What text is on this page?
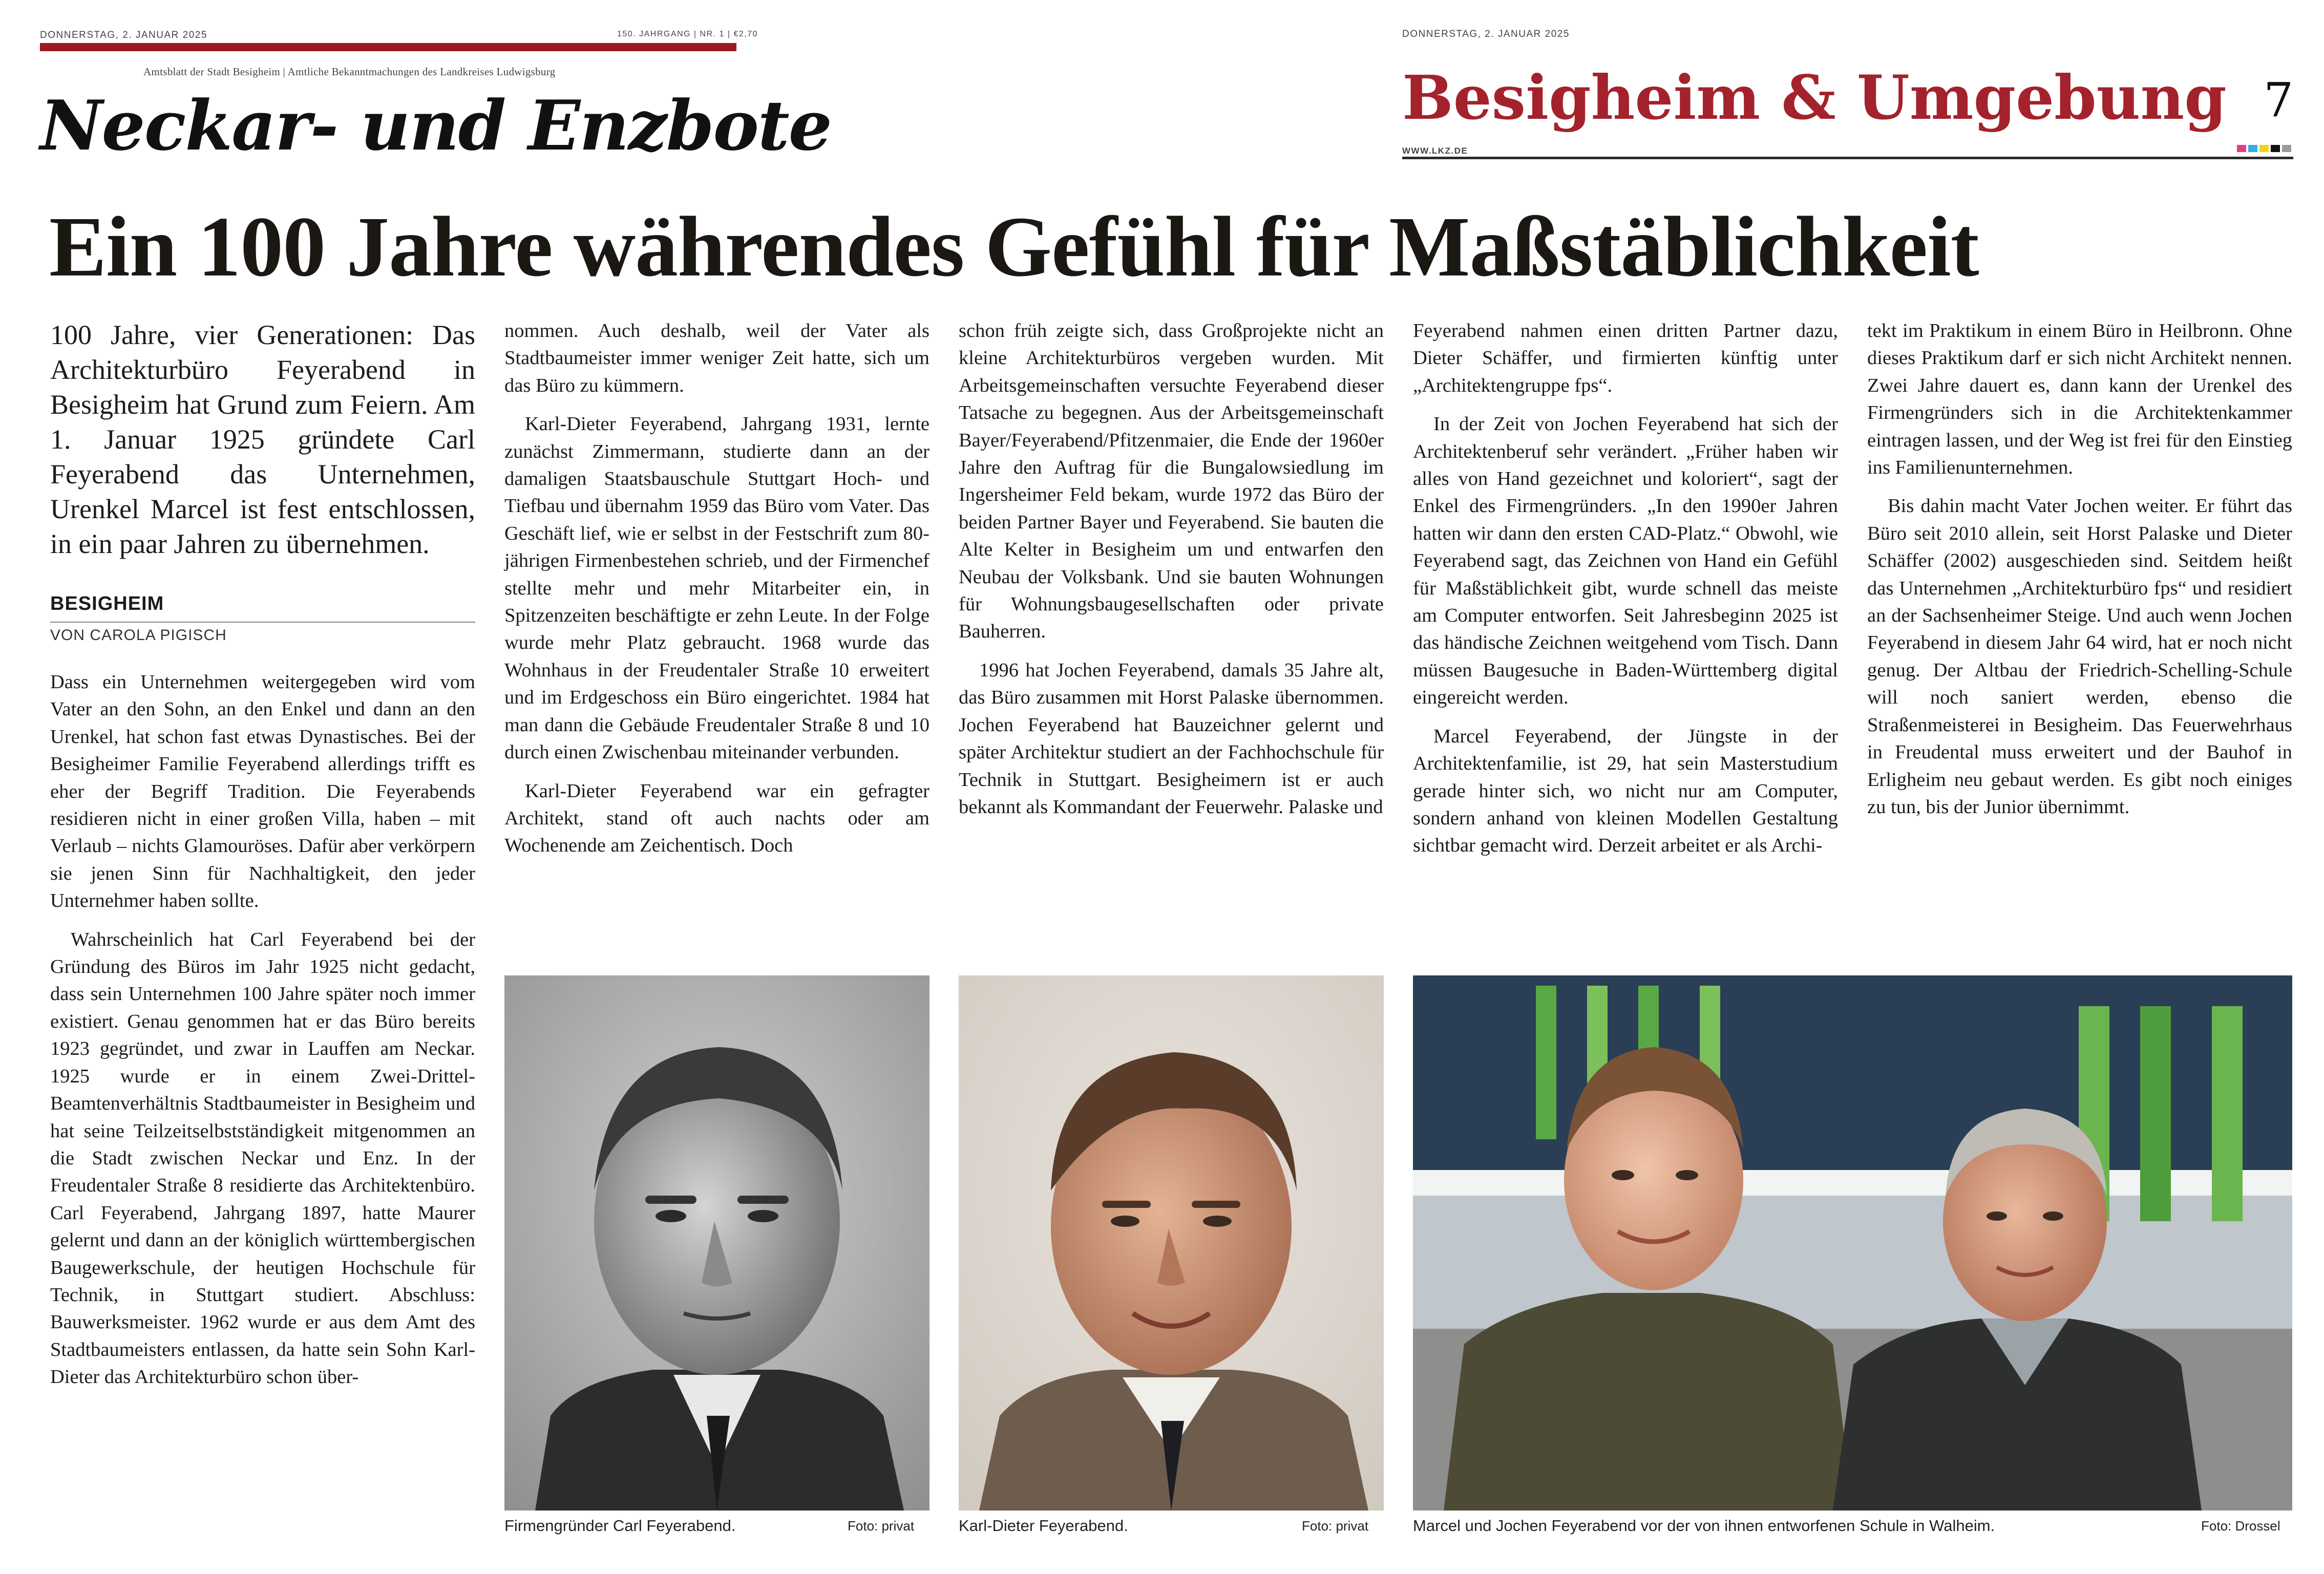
DONNERSTAG, 2. JANUAR 2025	150. JAHRGANG | NR. 1 | €2,70
Amtsblatt der Stadt Besigheim | Amtliche Bekanntmachungen des Landkreises Ludwigsburg
Neckar- und Enzbote
DONNERSTAG, 2. JANUAR 2025
Besigheim & Umgebung 7
WWW.LKZ.DE
Ein 100 Jahre währendes Gefühl für Maßstäblichkeit
100 Jahre, vier Generationen: Das Architekturbüro Feyerabend in Besigheim hat Grund zum Feiern. Am 1. Januar 1925 gründete Carl Feyerabend das Unternehmen, Urenkel Marcel ist fest entschlossen, in ein paar Jahren zu übernehmen.
BESIGHEIM
VON CAROLA PIGISCH

Dass ein Unternehmen weitergegeben wird vom Vater an den Sohn, an den Enkel und dann an den Urenkel, hat schon fast etwas Dynastisches. Bei der Besigheimer Familie Feyerabend allerdings trifft es eher der Begriff Tradition. Die Feyerabends residieren nicht in einer großen Villa, haben – mit Verlaub – nichts Glamouröses. Dafür aber verkörpern sie jenen Sinn für Nachhaltigkeit, den jeder Unternehmer haben sollte.

Wahrscheinlich hat Carl Feyerabend bei der Gründung des Büros im Jahr 1925 nicht gedacht, dass sein Unternehmen 100 Jahre später noch immer existiert. Genau genommen hat er das Büro bereits 1923 gegründet, und zwar in Lauffen am Neckar. 1925 wurde er in einem Zwei-Drittel-Beamtenverhältnis Stadtbaumeister in Besigheim und hat seine Teilzeitselbstständigkeit mitgenommen an die Stadt zwischen Neckar und Enz. In der Freudentaler Straße 8 residierte das Architektenbüro. Carl Feyerabend, Jahrgang 1897, hatte Maurer gelernt und dann an der königlich württembergischen Baugewerkschule, der heutigen Hochschule für Technik, in Stuttgart studiert. Abschluss: Bauwerksmeister. 1962 wurde er aus dem Amt des Stadtbaumeisters entlassen, da hatte sein Sohn Karl-Dieter das Architekturbüro schon über-

nommen. Auch deshalb, weil der Vater als Stadtbaumeister immer weniger Zeit hatte, sich um das Büro zu kümmern.

Karl-Dieter Feyerabend, Jahrgang 1931, lernte zunächst Zimmermann, studierte dann an der damaligen Staatsbauschule Stuttgart Hoch- und Tiefbau und übernahm 1959 das Büro vom Vater. Das Geschäft lief, wie er selbst in der Festschrift zum 80-jährigen Firmenbestehen schrieb, und der Firmenchef stellte mehr und mehr Mitarbeiter ein, in Spitzenzeiten beschäftigte er zehn Leute. In der Folge wurde mehr Platz gebraucht. 1968 wurde das Wohnhaus in der Freudentaler Straße 10 erweitert und im Erdgeschoss ein Büro eingerichtet. 1984 hat man dann die Gebäude Freudentaler Straße 8 und 10 durch einen Zwischenbau miteinander verbunden.

Karl-Dieter Feyerabend war ein gefragter Architekt, stand oft auch nachts oder am Wochenende am Zeichentisch. Doch

schon früh zeigte sich, dass Großprojekte nicht an kleine Architekturbüros vergeben wurden. Mit Arbeitsgemeinschaften versuchte Feyerabend dieser Tatsache zu begegnen. Aus der Arbeitsgemeinschaft Bayer/Feyerabend/Pfitzenmaier, die Ende der 1960er Jahre den Auftrag für die Bungalowsiedlung im Ingersheimer Feld bekam, wurde 1972 das Büro der beiden Partner Bayer und Feyerabend. Sie bauten die Alte Kelter in Besigheim um und entwarfen den Neubau der Volksbank. Und sie bauten Wohnungen für Wohnungsbaugesellschaften oder private Bauherren.

1996 hat Jochen Feyerabend, damals 35 Jahre alt, das Büro zusammen mit Horst Palaske übernommen. Jochen Feyerabend hat Bauzeichner gelernt und später Architektur studiert an der Fachhochschule für Technik in Stuttgart. Besigheimern ist er auch bekannt als Kommandant der Feuerwehr. Palaske und

Feyerabend nahmen einen dritten Partner dazu, Dieter Schäffer, und firmierten künftig unter „Architektengruppe fps“.

In der Zeit von Jochen Feyerabend hat sich der Architektenberuf sehr verändert. „Früher haben wir alles von Hand gezeichnet und koloriert“, sagt der Enkel des Firmengründers. „In den 1990er Jahren hatten wir dann den ersten CAD-Platz.“ Obwohl, wie Feyerabend sagt, das Zeichnen von Hand ein Gefühl für Maßstäblichkeit gibt, wurde schnell das meiste am Computer entworfen. Seit Jahresbeginn 2025 ist das händische Zeichnen weitgehend vom Tisch. Dann müssen Baugesuche in Baden-Württemberg digital eingereicht werden.

Marcel Feyerabend, der Jüngste in der Architektenfamilie, ist 29, hat sein Masterstudium gerade hinter sich, wo nicht nur am Computer, sondern anhand von kleinen Modellen Gestaltung sichtbar gemacht wird. Derzeit arbeitet er als Archi-

tekt im Praktikum in einem Büro in Heilbronn. Ohne dieses Praktikum darf er sich nicht Architekt nennen. Zwei Jahre dauert es, dann kann der Urenkel des Firmengründers sich in die Architektenkammer eintragen lassen, und der Weg ist frei für den Einstieg ins Familienunternehmen.

Bis dahin macht Vater Jochen weiter. Er führt das Büro seit 2010 allein, seit Horst Palaske und Dieter Schäffer (2002) ausgeschieden sind. Seitdem heißt das Unternehmen „Architekturbüro fps“ und residiert an der Sachsenheimer Steige. Und auch wenn Jochen Feyerabend in diesem Jahr 64 wird, hat er noch nicht genug. Der Altbau der Friedrich-Schelling-Schule will noch saniert werden, ebenso die Straßenmeisterei in Besigheim. Das Feuerwehrhaus in Freudental muss erweitert und der Bauhof in Erligheim neu gebaut werden. Es gibt noch einiges zu tun, bis der Junior übernimmt.

Firmengründer Carl Feyerabend.	Foto: privat	Karl-Dieter Feyerabend.	Foto: privat	Marcel und Jochen Feyerabend vor der von ihnen entworfenen Schule in Walheim.	Foto: Drossel
